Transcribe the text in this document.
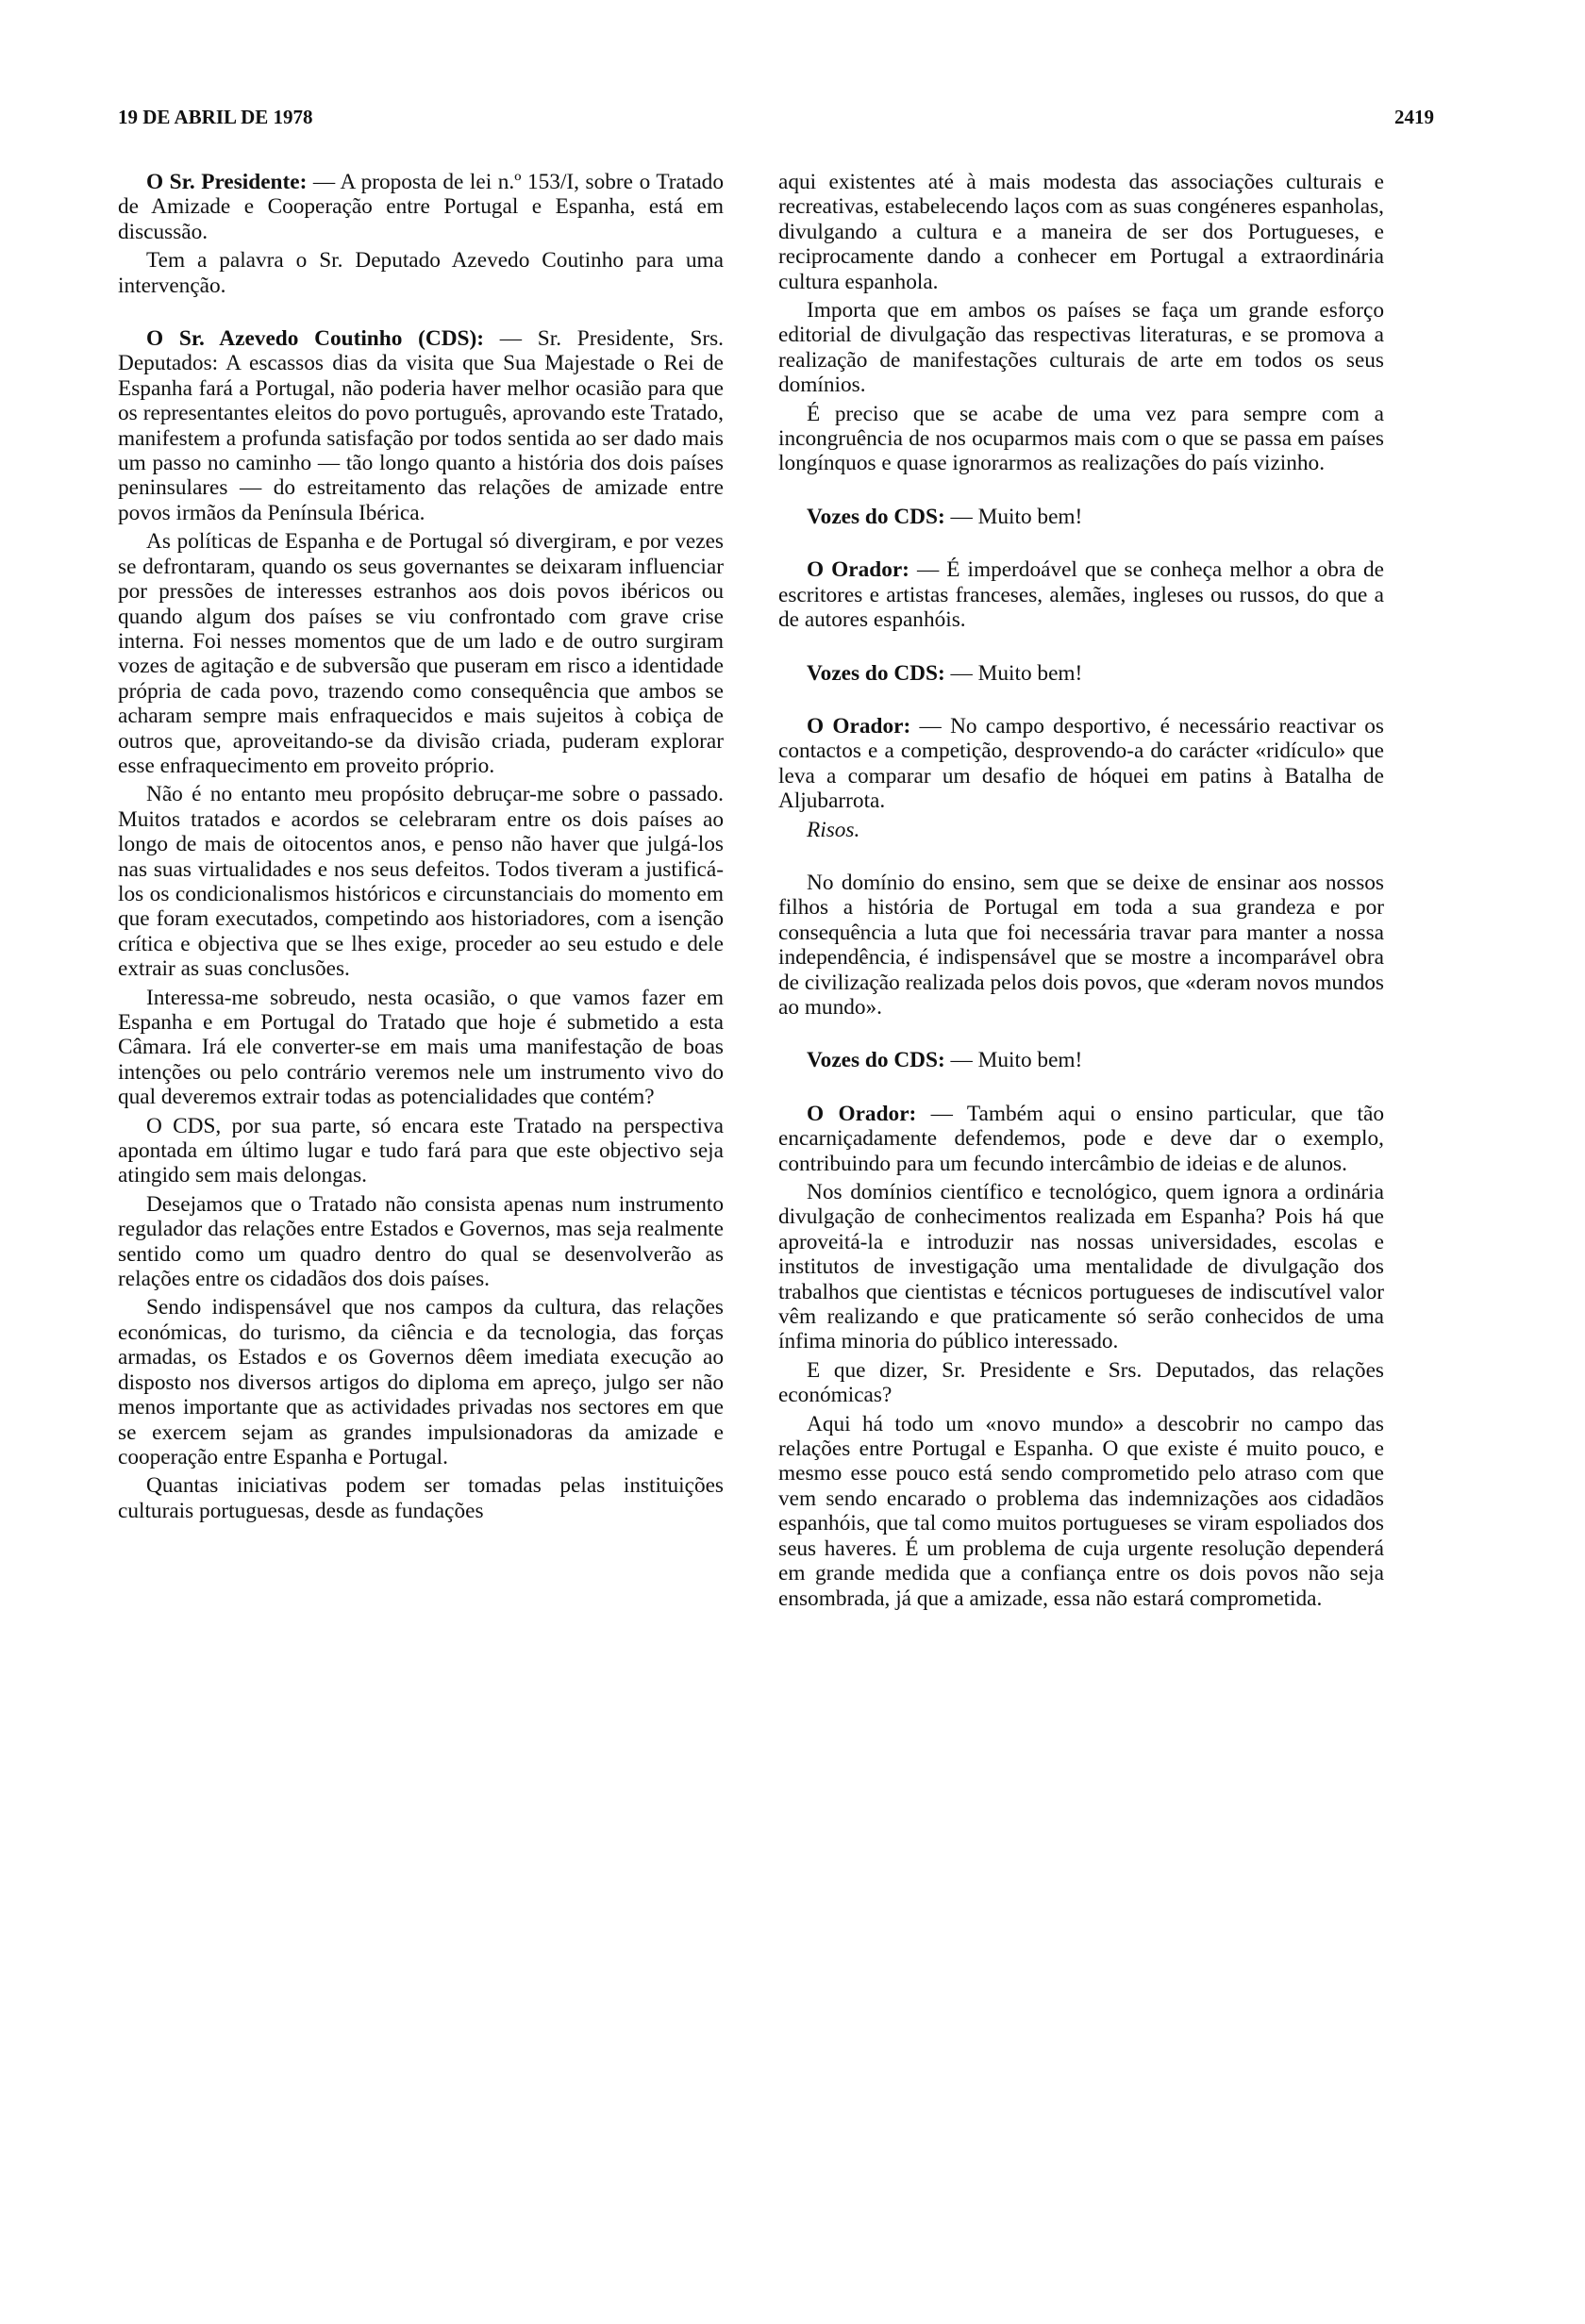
19 DE ABRIL DE 1978	2419

O Sr. Presidente: — A proposta de lei n.º 153/I, sobre o Tratado de Amizade e Cooperação entre Portugal e Espanha, está em discussão.

Tem a palavra o Sr. Deputado Azevedo Coutinho para uma intervenção.

O Sr. Azevedo Coutinho (CDS): — Sr. Presidente, Srs. Deputados: A escassos dias da visita que Sua Majestade o Rei de Espanha fará a Portugal, não poderia haver melhor ocasião para que os representantes eleitos do povo português, aprovando este Tratado, manifestem a profunda satisfação por todos sentida ao ser dado mais um passo no caminho — tão longo quanto a história dos dois países peninsulares — do estreitamento das relações de amizade entre povos irmãos da Península Ibérica.

As políticas de Espanha e de Portugal só divergiram, e por vezes se defrontaram, quando os seus governantes se deixaram influenciar por pressões de interesses estranhos aos dois povos ibéricos ou quando algum dos países se viu confrontado com grave crise interna. Foi nesses momentos que de um lado e de outro surgiram vozes de agitação e de subversão que puseram em risco a identidade própria de cada povo, trazendo como consequência que ambos se acharam sempre mais enfraquecidos e mais sujeitos à cobiça de outros que, aproveitando-se da divisão criada, puderam explorar esse enfraquecimento em proveito próprio.

Não é no entanto meu propósito debruçar-me sobre o passado. Muitos tratados e acordos se celebraram entre os dois países ao longo de mais de oitocentos anos, e penso não haver que julgá-los nas suas virtualidades e nos seus defeitos. Todos tiveram a justificá-los os condicionalismos históricos e circunstanciais do momento em que foram executados, competindo aos historiadores, com a isenção crítica e objectiva que se lhes exige, proceder ao seu estudo e dele extrair as suas conclusões.

Interessa-me sobreudo, nesta ocasião, o que vamos fazer em Espanha e em Portugal do Tratado que hoje é submetido a esta Câmara. Irá ele converter-se em mais uma manifestação de boas intenções ou pelo contrário veremos nele um instrumento vivo do qual deveremos extrair todas as potencialidades que contém?

O CDS, por sua parte, só encara este Tratado na perspectiva apontada em último lugar e tudo fará para que este objectivo seja atingido sem mais delongas.

Desejamos que o Tratado não consista apenas num instrumento regulador das relações entre Estados e Governos, mas seja realmente sentido como um quadro dentro do qual se desenvolverão as relações entre os cidadãos dos dois países.

Sendo indispensável que nos campos da cultura, das relações económicas, do turismo, da ciência e da tecnologia, das forças armadas, os Estados e os Governos dêem imediata execução ao disposto nos diversos artigos do diploma em apreço, julgo ser não menos importante que as actividades privadas nos sectores em que se exercem sejam as grandes impulsionadoras da amizade e cooperação entre Espanha e Portugal.

Quantas iniciativas podem ser tomadas pelas instituições culturais portuguesas, desde as fundações

aqui existentes até à mais modesta das associações culturais e recreativas, estabelecendo laços com as suas congéneres espanholas, divulgando a cultura e a maneira de ser dos Portugueses, e reciprocamente dando a conhecer em Portugal a extraordinária cultura espanhola.

Importa que em ambos os países se faça um grande esforço editorial de divulgação das respectivas literaturas, e se promova a realização de manifestações culturais de arte em todos os seus domínios.

É preciso que se acabe de uma vez para sempre com a incongruência de nos ocuparmos mais com o que se passa em países longínquos e quase ignorarmos as realizações do país vizinho.

Vozes do CDS: — Muito bem!

O Orador: — É imperdoável que se conheça melhor a obra de escritores e artistas franceses, alemães, ingleses ou russos, do que a de autores espanhóis.

Vozes do CDS: — Muito bem!

O Orador: — No campo desportivo, é necessário reactivar os contactos e a competição, desprovendo-a do carácter «ridículo» que leva a comparar um desafio de hóquei em patins à Batalha de Aljubarrota.

Risos.

No domínio do ensino, sem que se deixe de ensinar aos nossos filhos a história de Portugal em toda a sua grandeza e por consequência a luta que foi necessária travar para manter a nossa independência, é indispensável que se mostre a incomparável obra de civilização realizada pelos dois povos, que «deram novos mundos ao mundo».

Vozes do CDS: — Muito bem!

O Orador: — Também aqui o ensino particular, que tão encarniçadamente defendemos, pode e deve dar o exemplo, contribuindo para um fecundo intercâmbio de ideias e de alunos.

Nos domínios científico e tecnológico, quem ignora a ordinária divulgação de conhecimentos realizada em Espanha? Pois há que aproveitá-la e introduzir nas nossas universidades, escolas e institutos de investigação uma mentalidade de divulgação dos trabalhos que cientistas e técnicos portugueses de indiscutível valor vêm realizando e que praticamente só serão conhecidos de uma ínfima minoria do público interessado.

E que dizer, Sr. Presidente e Srs. Deputados, das relações económicas?

Aqui há todo um «novo mundo» a descobrir no campo das relações entre Portugal e Espanha. O que existe é muito pouco, e mesmo esse pouco está sendo comprometido pelo atraso com que vem sendo encarado o problema das indemnizações aos cidadãos espanhóis, que tal como muitos portugueses se viram espoliados dos seus haveres. É um problema de cuja urgente resolução dependerá em grande medida que a confiança entre os dois povos não seja ensombrada, já que a amizade, essa não estará comprometida.
